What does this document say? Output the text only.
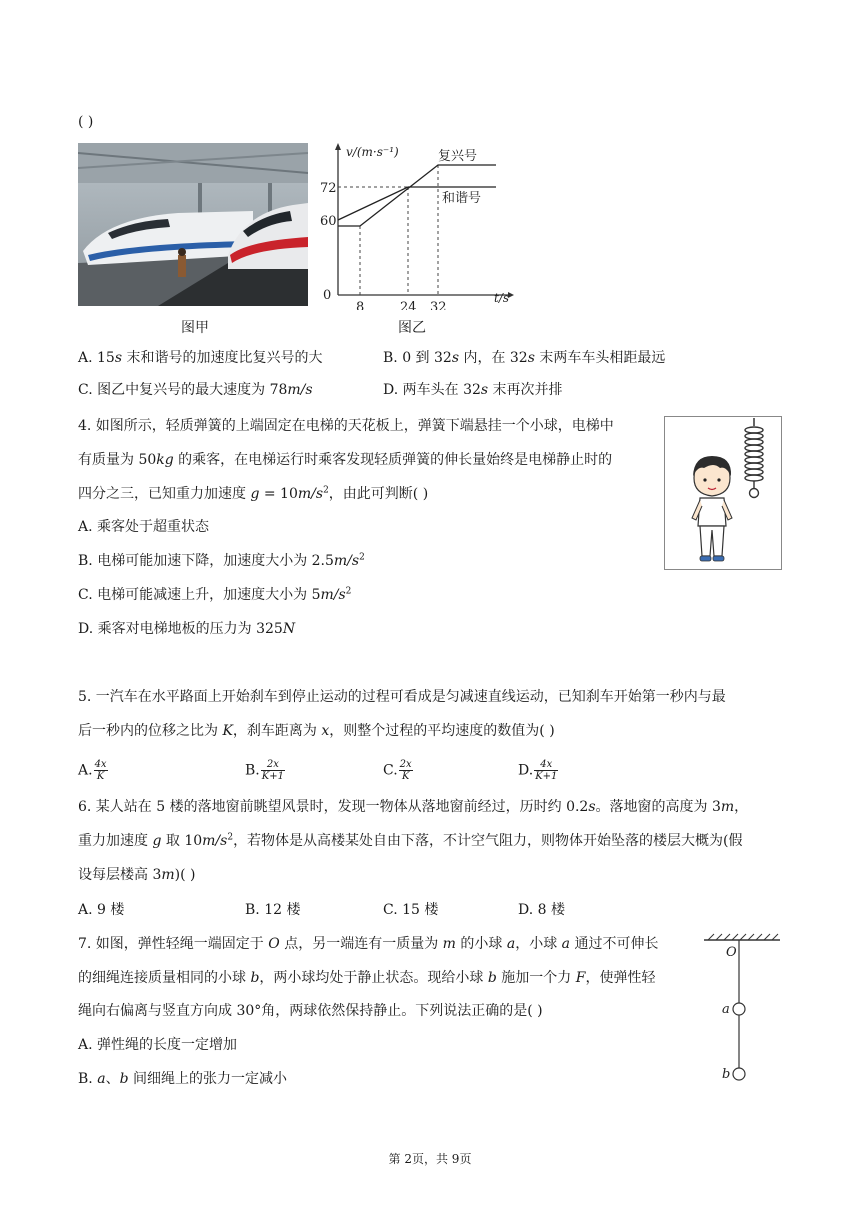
( )
图甲
v/(m·s⁻¹)
t/s
0
60
72
8	24 32
复兴号
和谐号
图乙
A. 15s 末和谐号的加速度比复兴号的大	B. 0 到 32s 内，在 32s 末两车车头相距最远
C. 图乙中复兴号的最大速度为 78m/s	D. 两车头在 32s 末再次并排
4. 如图所示，轻质弹簧的上端固定在电梯的天花板上，弹簧下端悬挂一个小球，电梯中
有质量为 50kg 的乘客，在电梯运行时乘客发现轻质弹簧的伸长量始终是电梯静止时的
四分之三，已知重力加速度 $g = 10m/s^2$，由此可判断( )
A. 乘客处于超重状态
B. 电梯可能加速下降，加速度大小为 $2.5m/s^2$
C. 电梯可能减速上升，加速度大小为 $5m/s^2$
D. 乘客对电梯地板的压力为 325N
5. 一汽车在水平路面上开始刹车到停止运动的过程可看成是匀减速直线运动，已知刹车开始第一秒内与最
后一秒内的位移之比为 K，刹车距离为 x，则整个过程的平均速度的数值为( )
A. $\frac{4x}{K}$	B. $\frac{2x}{K+1}$	C. $\frac{2x}{K}$	D. $\frac{4x}{K+1}$
6. 某人站在 5 楼的落地窗前眺望风景时，发现一物体从落地窗前经过，历时约 0.2s。落地窗的高度为 3m，
重力加速度 g 取 $10m/s^2$，若物体是从高楼某处自由下落，不计空气阻力，则物体开始坠落的楼层大概为(假
设每层楼高 3m)( )
A. 9 楼	B. 12 楼	C. 15 楼	D. 8 楼
7. 如图，弹性轻绳一端固定于 O 点，另一端连有一质量为 m 的小球 a，小球 a 通过不可伸长
的细绳连接质量相同的小球 b，两小球均处于静止状态。现给小球 b 施加一个力 F，使弹性轻
绳向右偏离与竖直方向成 30°角，两球依然保持静止。下列说法正确的是( )
A. 弹性绳的长度一定增加
B. a、b 间细绳上的张力一定减小
O
a
b
第 2页，共 9页
